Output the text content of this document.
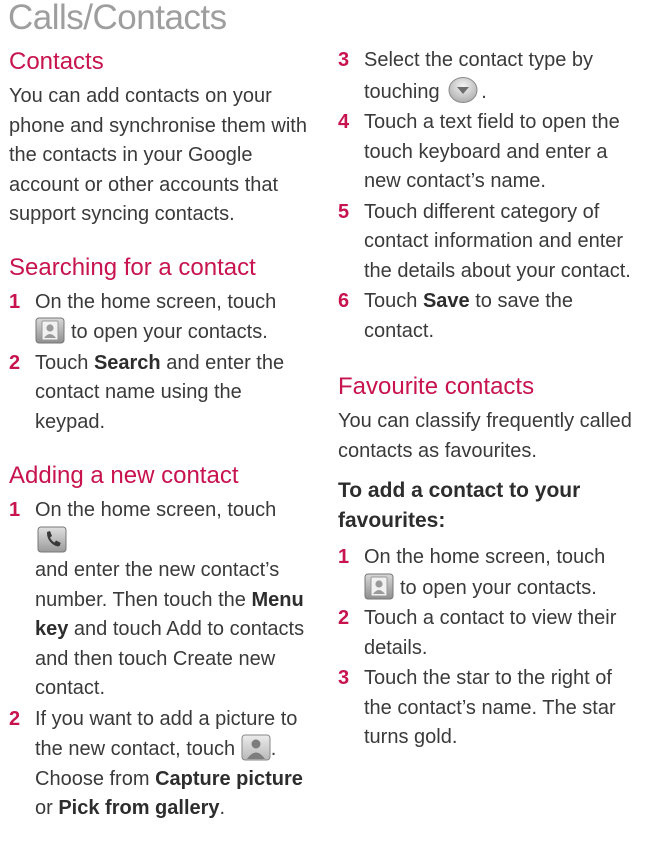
Calls/Contacts
Contacts

You can add contacts on your phone and synchronise them with the contacts in your Google account or other accounts that support syncing contacts.

Searching for a contact
1 On the home screen, touch

to open your contacts.
2 Touch Search and enter the contact name using the keypad.
Adding a new contact
1 On the home screen, touch

and enter the new contact’s number. Then touch the Menu key and touch Add to contacts and then touch Create new contact.
2 If you want to add a picture to the new contact, touch . Choose from Capture picture or Pick from gallery.
3 Select the contact type by touching .
4 Touch a text field to open the touch keyboard and enter a new contact’s name.
5 Touch different category of contact information and enter the details about your contact.
6 Touch Save to save the contact.
Favourite contacts

You can classify frequently called contacts as favourites.

To add a contact to your favourites:
1 On the home screen, touch

to open your contacts.
2 Touch a contact to view their details.
3 Touch the star to the right of the contact’s name. The star turns gold.
